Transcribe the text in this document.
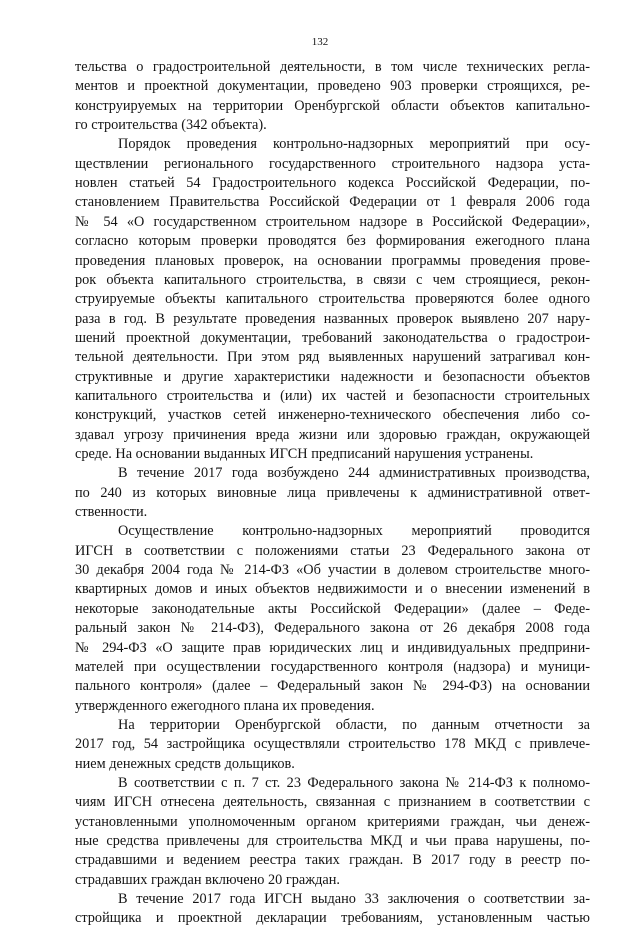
132
тельства о градостроительной деятельности, в том числе технических регла-
ментов и проектной документации, проведено 903 проверки строящихся, ре-
конструируемых на территории Оренбургской области объектов капитально-
го строительства (342 объекта).
Порядок проведения контрольно-надзорных мероприятий при осу-
ществлении регионального государственного строительного надзора уста-
новлен статьей 54 Градостроительного кодекса Российской Федерации, по-
становлением Правительства Российской Федерации от 1 февраля 2006 года
№ 54 «О государственном строительном надзоре в Российской Федерации»,
согласно которым проверки проводятся без формирования ежегодного плана
проведения плановых проверок, на основании программы проведения прове-
рок объекта капитального строительства, в связи с чем строящиеся, рекон-
струируемые объекты капитального строительства проверяются более одного
раза в год. В результате проведения названных проверок выявлено 207 нару-
шений проектной документации, требований законодательства о градострои-
тельной деятельности. При этом ряд выявленных нарушений затрагивал кон-
структивные и другие характеристики надежности и безопасности объектов
капитального строительства и (или) их частей и безопасности строительных
конструкций, участков сетей инженерно-технического обеспечения либо со-
здавал угрозу причинения вреда жизни или здоровью граждан, окружающей
среде. На основании выданных ИГСН предписаний нарушения устранены.
В течение 2017 года возбуждено 244 административных производства,
по 240 из которых виновные лица привлечены к административной ответ-
ственности.
Осуществление контрольно-надзорных мероприятий проводится
ИГСН в соответствии с положениями статьи 23 Федерального закона от
30 декабря 2004 года № 214-ФЗ «Об участии в долевом строительстве много-
квартирных домов и иных объектов недвижимости и о внесении изменений в
некоторые законодательные акты Российской Федерации» (далее – Феде-
ральный закон № 214-ФЗ), Федерального закона от 26 декабря 2008 года
№ 294-ФЗ «О защите прав юридических лиц и индивидуальных предприни-
мателей при осуществлении государственного контроля (надзора) и муници-
пального контроля» (далее – Федеральный закон № 294-ФЗ) на основании
утвержденного ежегодного плана их проведения.
На территории Оренбургской области, по данным отчетности за
2017 год, 54 застройщика осуществляли строительство 178 МКД с привлече-
нием денежных средств дольщиков.
В соответствии с п. 7 ст. 23 Федерального закона № 214-ФЗ к полномо-
чиям ИГСН отнесена деятельность, связанная с признанием в соответствии с
установленными уполномоченным органом критериями граждан, чьи денеж-
ные средства привлечены для строительства МКД и чьи права нарушены, по-
страдавшими и ведением реестра таких граждан. В 2017 году в реестр по-
страдавших граждан включено 20 граждан.
В течение 2017 года ИГСН выдано 33 заключения о соответствии за-
стройщика и проектной декларации требованиям, установленным частью
